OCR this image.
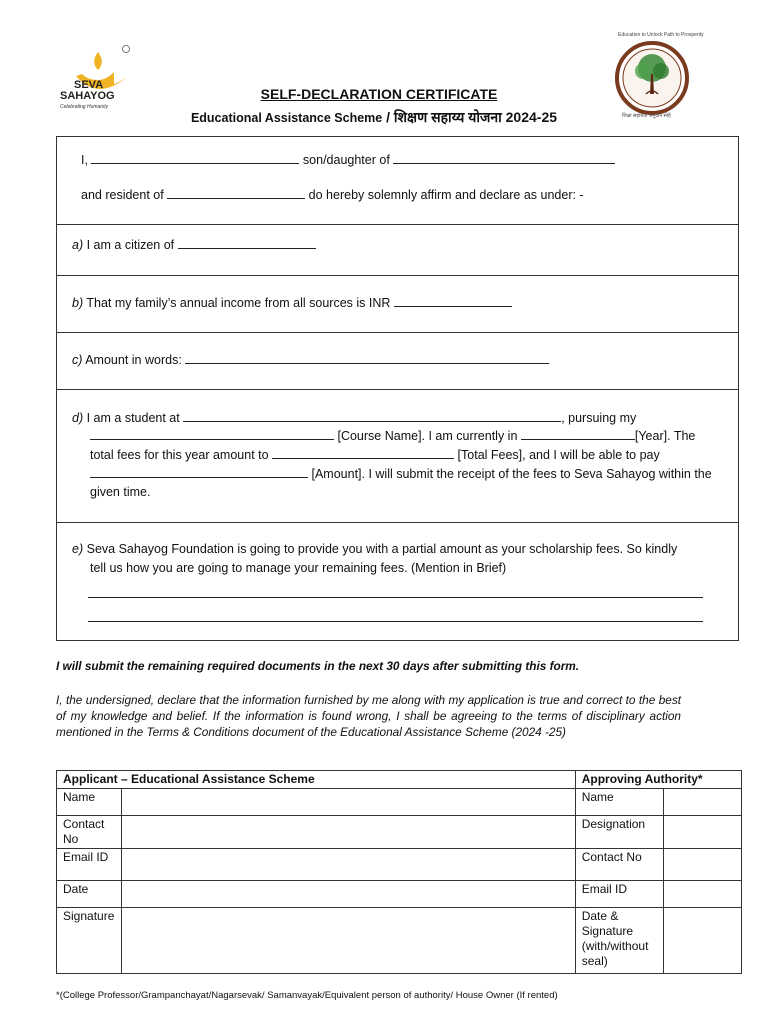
SEVA
SAHAYOG
Celebrating Humanity
Education to Unlock Path to Prosperity
शिक्षा सहायता अनुदान स्नेहे
SELF-DECLARATION CERTIFICATE
Educational Assistance Scheme / शिक्षण सहाय्य योजना 2024-25
I,	son/daughter of
and resident of	do hereby solemnly affirm and declare as under: -
a) I am a citizen of
b) That my family’s annual income from all sources is INR
c) Amount in words:
d) I am a student at	, pursuing my
[Course Name]. I am currently in	[Year]. The
total fees for this year amount to	[Total Fees], and I will be able to pay
[Amount]. I will submit the receipt of the fees to Seva Sahayog within the
given time.
e) Seva Sahayog Foundation is going to provide you with a partial amount as your scholarship fees. So kindly
tell us how you are going to manage your remaining fees. (Mention in Brief)
I will submit the remaining required documents in the next 30 days after submitting this form.
I, the undersigned, declare that the information furnished by me along with my application is true and correct to the best of my knowledge and belief. If the information is found wrong, I shall be agreeing to the terms of disciplinary action mentioned in the Terms & Conditions document of the Educational Assistance Scheme (2024 -25)
Applicant – Educational Assistance Scheme		Approving Authority*	
Name		Name	
Contact No		Designation	
Email ID		Contact No	
Date		Email ID	
Signature		Date & Signature (with/without seal)	
*(College Professor/Grampanchayat/Nagarsevak/ Samanvayak/Equivalent person of authority/ House Owner (If rented)
